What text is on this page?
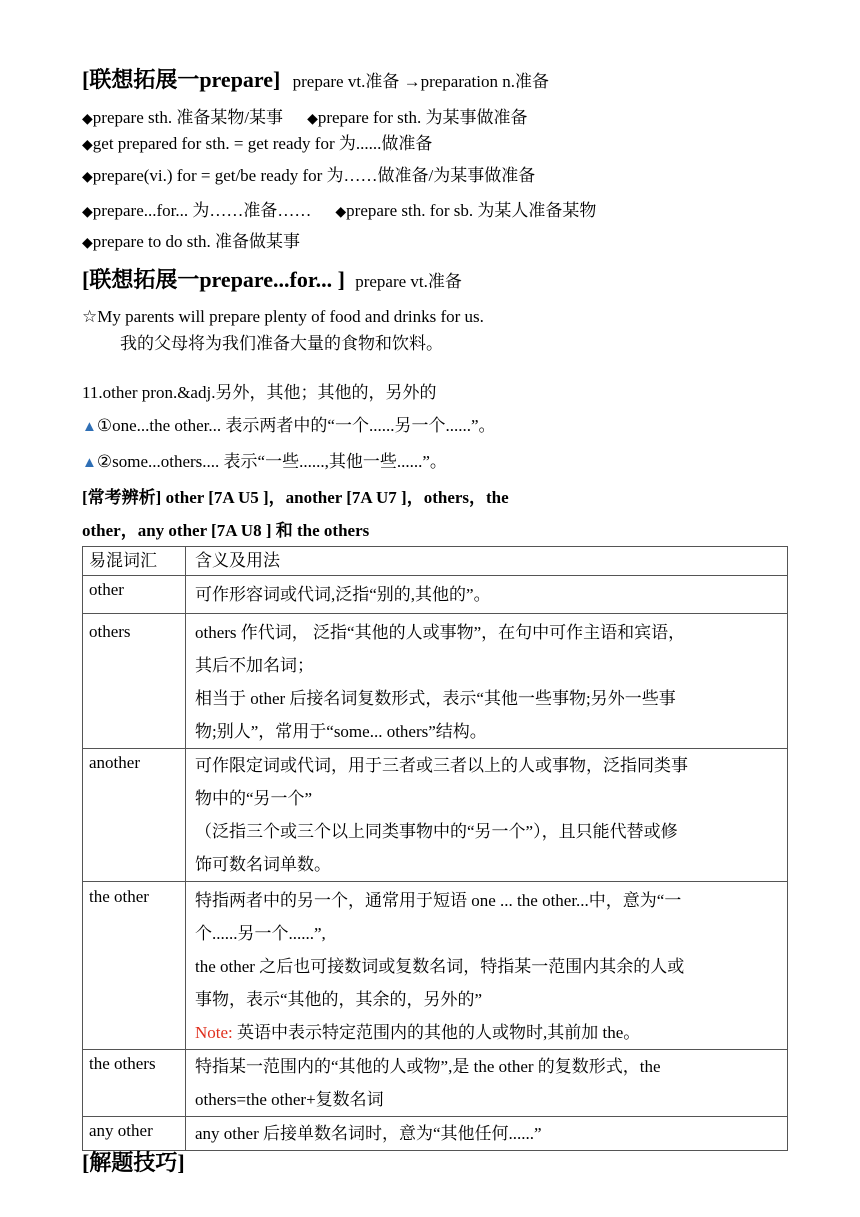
[联想拓展一prepare] prepare vt.准备 →preparation n.准备
◆prepare sth. 准备某物/某事 ◆prepare for sth. 为某事做准备
◆get prepared for sth. = get ready for 为......做准备
◆prepare(vi.) for = get/be ready for 为……做准备/为某事做准备
◆prepare...for... 为……准备…… ◆prepare sth. for sb. 为某人准备某物
◆prepare to do sth. 准备做某事
[联想拓展一prepare...for... ] prepare vt.准备
☆My parents will prepare plenty of food and drinks for us.
我的父母将为我们准备大量的食物和饮料。
11.other pron.&adj.另外，其他；其他的，另外的
▲①one...the other... 表示两者中的“一个......另一个......”。
▲②some...others.... 表示“一些......,其他一些......”。
[常考辨析] other [7A U5 ]，another [7A U7 ]，others，the
other，any other [7A U8 ] 和 the others
易混词汇	含义及用法
other	可作形容词或代词,泛指“别的,其他的”。

others	others 作代词， 泛指“其他的人或事物”，在句中可作主语和宾语，
其后不加名词；
相当于 other 后接名词复数形式，表示“其他一些事物;另外一些事
物;别人”，常用于“some... others”结构。

another	可作限定词或代词，用于三者或三者以上的人或事物，泛指同类事
物中的“另一个”
（泛指三个或三个以上同类事物中的“另一个”），且只能代替或修
饰可数名词单数。

the other	特指两者中的另一个，通常用于短语 one ... the other...中，意为“一
个......另一个......”,
the other 之后也可接数词或复数名词，特指某一范围内其余的人或
事物，表示“其他的，其余的，另外的”
Note: 英语中表示特定范围内的其他的人或物时,其前加 the。

the others	特指某一范围内的“其他的人或物”,是 the other 的复数形式，the
others=the other+复数名词

any other	any other 后接单数名词时，意为“其他任何......”
[解题技巧]
